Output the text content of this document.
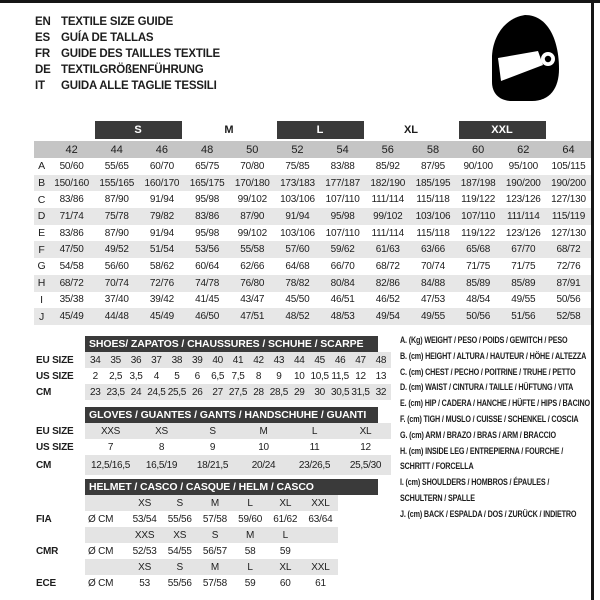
EN TEXTILE SIZE GUIDE
ES GUÍA DE TALLAS
FR GUIDE DES TAILLES TEXTILE
DE TEXTILGRÖßENFÜHRUNG
IT	GUIDA ALLE TAGLIE TESSILI
S	M	L	XL	XXL
42	44	46	48	50	52	54	56	58	60	62	64
A	50/60	55/65	60/70	65/75	70/80	75/85	83/88	85/92	87/95	90/100	95/100	105/115
B 150/160	155/165	160/170	165/175	170/180	173/183	177/187	182/190	185/195	187/198	190/200	190/200
C	83/86	87/90	91/94	95/98	99/102	103/106	107/110	111/114	115/118	119/122	123/126	127/130
D	71/74	75/78	79/82	83/86	87/90	91/94	95/98	99/102	103/106	107/110	111/114	115/119
E	83/86	87/90	91/94	95/98	99/102	103/106	107/110	111/114	115/118	119/122	123/126	127/130
F	47/50	49/52	51/54	53/56	55/58	57/60	59/62	61/63	63/66	65/68	67/70	68/72
G	54/58	56/60	58/62	60/64	62/66	64/68	66/70	68/72	70/74	71/75	71/75	72/76
H	68/72	70/74	72/76	74/78	76/80	78/82	80/84	82/86	84/88	85/89	85/89	87/91
I	35/38	37/40	39/42	41/45	43/47	45/50	46/51	46/52	47/53	48/54	49/55	50/56
J	45/49	44/48	45/49	46/50	47/51	48/52	48/53	49/54	49/55	50/56	51/56	52/58
SHOES/ ZAPATOS / CHAUSSURES / SCHUHE / SCARPE
EU SIZE	34 35 36 37 38 39 40 41 42 43 44 45 46 47 48
US SIZE	2	2,5 3,5	4	5	6	6,5 7,5	8	9	10 10,5 11,5 12 13
CM	23 23,5 24 24,5 25,5 26 27 27,5 28 28,5 29 30 30,5 31,5 32
GLOVES / GUANTES / GANTS / HANDSCHUHE / GUANTI
EU SIZE	XXS	XS	S	M	L	XL
US SIZE	7	8	9	10	11	12
CM	12,5/16,5	16,5/19	18/21,5	20/24	23/26,5	25,5/30
HELMET / CASCO / CASQUE / HELM / CASCO
XS	S	M	L	XL	XXL
FIA	Ø CM	53/54	55/56	57/58	59/60	61/62	63/64
XXS	XS	S	M	L
CMR	Ø CM	52/53	54/55	56/57	58	59
XS	S	M	L	XL	XXL
ECE	Ø CM	53	55/56	57/58	59	60	61
A. (Kg) WEIGHT / PESO / POIDS / GEWITCH / PESO
B. (cm) HEIGHT / ALTURA / HAUTEUR / HÖHE / ALTEZZA
C. (cm) CHEST / PECHO / POITRINE / TRUHE / PETTO
D. (cm) WAIST / CINTURA / TAILLE / HÜFTUNG / VITA
E. (cm) HIP / CADERA / HANCHE / HÜFTE / HIPS / BACINO
F. (cm) TIGH / MUSLO / CUISSE / SCHENKEL / COSCIA
G. (cm) ARM / BRAZO / BRAS / ARM / BRACCIO
H. (cm) INSIDE LEG / ENTREPIERNA / FOURCHE /
SCHRITT / FORCELLA
I. (cm) SHOULDERS / HOMBROS / ÉPAULES /
SCHULTERN / SPALLE
J. (cm) BACK / ESPALDA / DOS / ZURÜCK / INDIETRO
